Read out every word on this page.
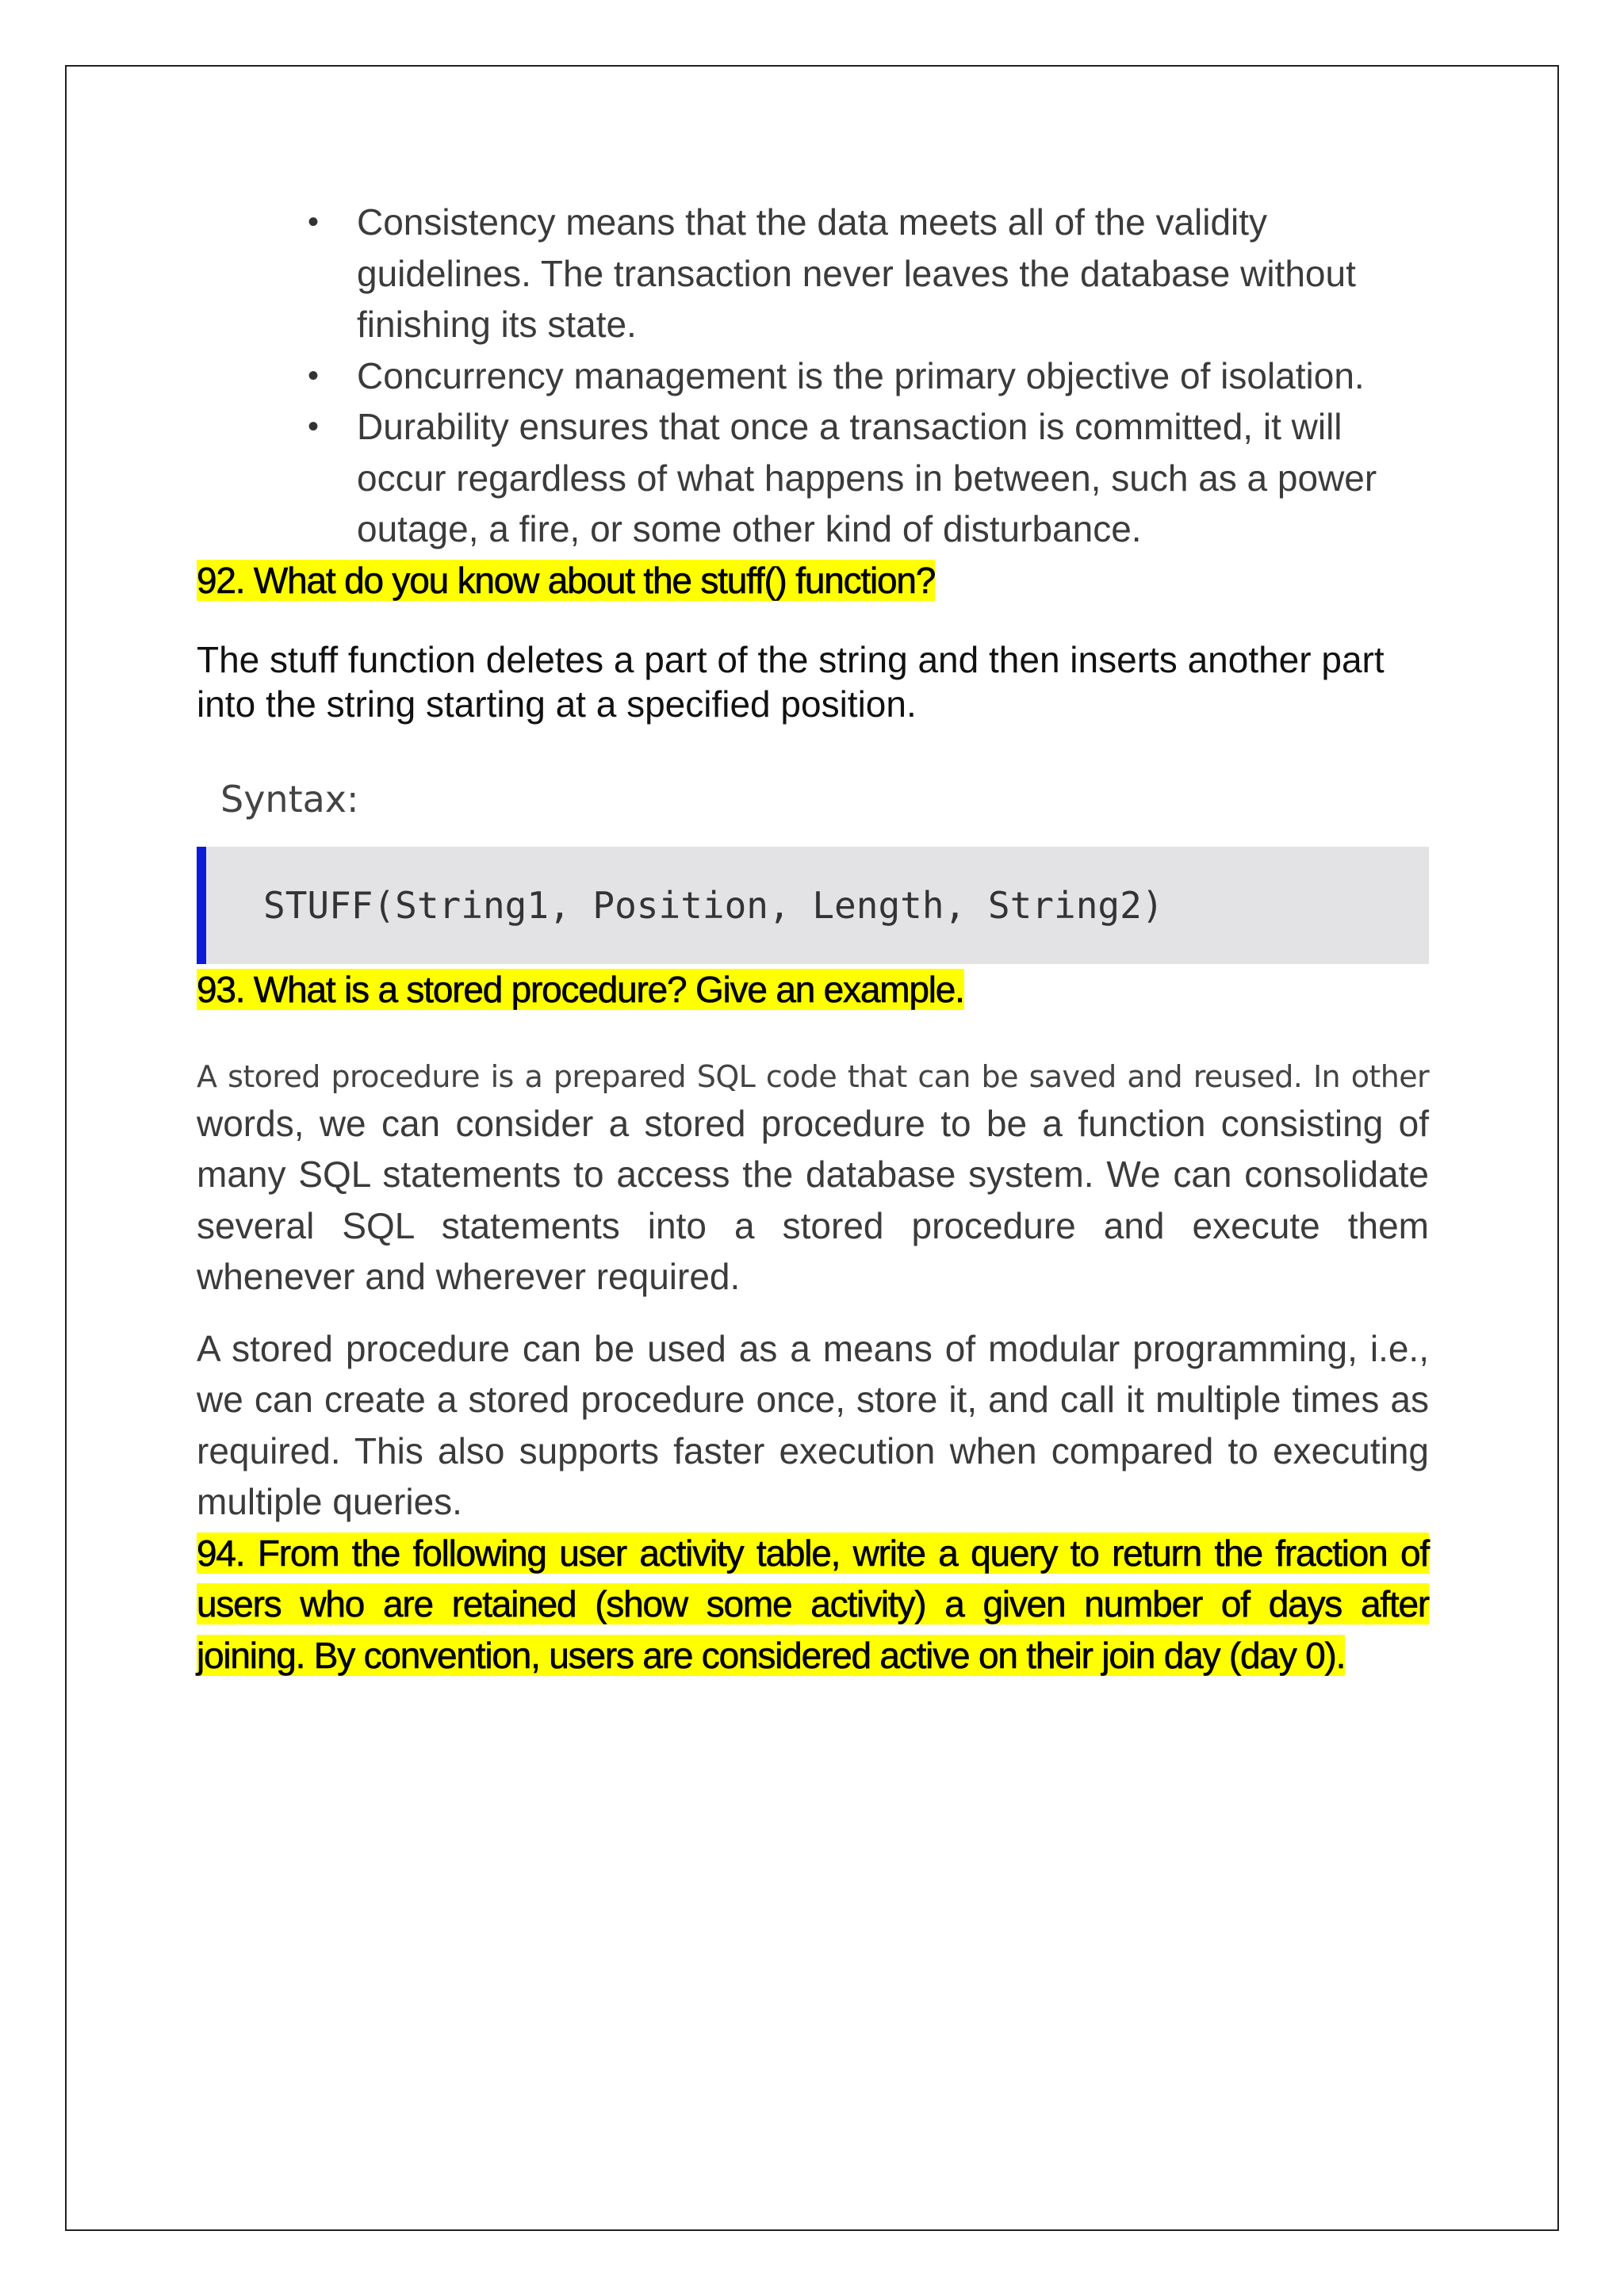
• Consistency means that the data meets all of the validity guidelines. The transaction never leaves the database without finishing its state.
• Concurrency management is the primary objective of isolation.
• Durability ensures that once a transaction is committed, it will occur regardless of what happens in between, such as a power outage, a fire, or some other kind of disturbance.
92. What do you know about the stuff() function?

The stuff function deletes a part of the string and then inserts another part into the string starting at a specified position.

Syntax:
STUFF(String1, Position, Length, String2)
93. What is a stored procedure? Give an example.

A stored procedure is a prepared SQL code that can be saved and reused. In other

words, we can consider a stored procedure to be a function consisting of many SQL statements to access the database system. We can consolidate several SQL statements into a stored procedure and execute them whenever and wherever required.

A stored procedure can be used as a means of modular programming, i.e., we can create a stored procedure once, store it, and call it multiple times as required. This also supports faster execution when compared to executing multiple queries.

94. From the following user activity table, write a query to return the fraction of users who are retained (show some activity) a given number of days after joining. By convention, users are considered active on their join day (day 0).
